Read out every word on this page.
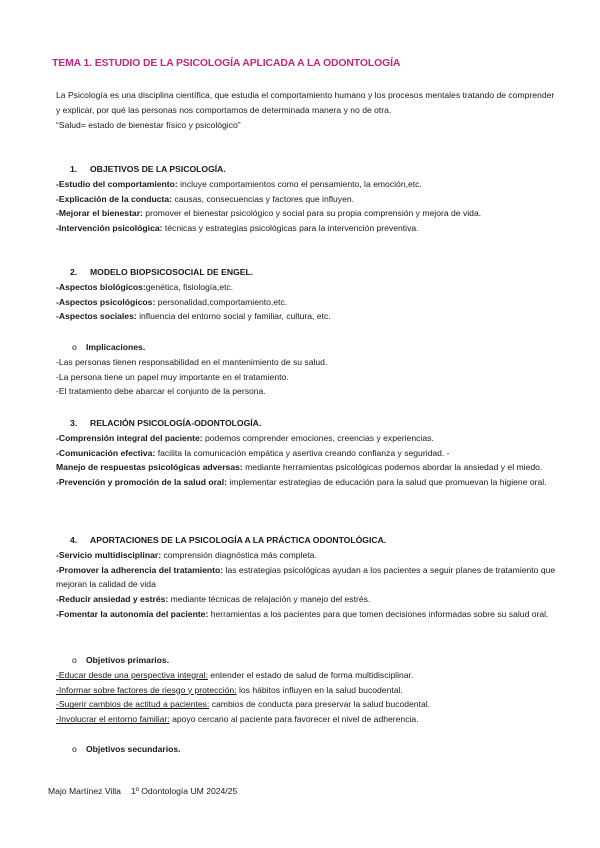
TEMA 1. ESTUDIO DE LA PSICOLOGÍA APLICADA A LA ODONTOLOGÍA

La Psicología es una disciplina científica, que estudia el comportamiento humano y los procesos mentales tratando de comprender y explicar, por qué las personas nos comportamos de determinada manera y no de otra.

“Salud= estado de bienestar físico y psicológico”

1. OBJETIVOS DE LA PSICOLOGÍA.

-Estudio del comportamiento: incluye comportamientos como el pensamiento, la emoción,etc.

-Explicación de la conducta: causas, consecuencias y factores que influyen.

-Mejorar el bienestar: promover el bienestar psicológico y social para su propia comprensión y mejora de vida.

-Intervención psicológica: técnicas y estrategias psicológicas para la intervención preventiva.

2. MODELO BIOPSICOSOCIAL DE ENGEL.

-Aspectos biológicos:genética, fisiología,etc.

-Aspectos psicológicos: personalidad,comportamiento,etc.

-Aspectos sociales: influencia del entorno social y familiar, cultura, etc.

o Implicaciones.

-Las personas tienen responsabilidad en el mantenimiento de su salud.

-La persona tiene un papel muy importante en el tratamiento.

-El tratamiento debe abarcar el conjunto de la persona.

3. RELACIÓN PSICOLOGÍA-ODONTOLOGÍA.

-Comprensión integral del paciente: podemos comprender emociones, creencias y experiencias.

-Comunicación efectiva: facilita la comunicación empática y asertiva creando confianza y seguridad. -

Manejo de respuestas psicológicas adversas: mediante herramientas psicológicas podemos abordar la ansiedad y el miedo.

-Prevención y promoción de la salud oral: implementar estrategias de educación para la salud que promuevan la higiene oral.

4. APORTACIONES DE LA PSICOLOGÍA A LA PRÁCTICA ODONTOLÓGICA.

-Servicio multidisciplinar: comprensión diagnóstica más completa.

-Promover la adherencia del tratamiento: las estrategias psicológicas ayudan a los pacientes a seguir planes de tratamiento que mejoran la calidad de vida

-Reducir ansiedad y estrés: mediante técnicas de relajación y manejo del estrés.

-Fomentar la autonomía del paciente: herramientas a los pacientes para que tomen decisiones informadas sobre su salud oral.

o Objetivos primarios.

-Educar desde una perspectiva integral: entender el estado de salud de forma multidisciplinar.

-Informar sobre factores de riesgo y protección: los hábitos influyen en la salud bucodental.

-Sugerir cambios de actitud a pacientes: cambios de conducta para preservar la salud bucodental.

-Involucrar el entorno familiar: apoyo cercano al paciente para favorecer el nivel de adherencia.

o Objetivos secundarios.
Majo Martínez Villa 1º Odontología UM 2024/25
